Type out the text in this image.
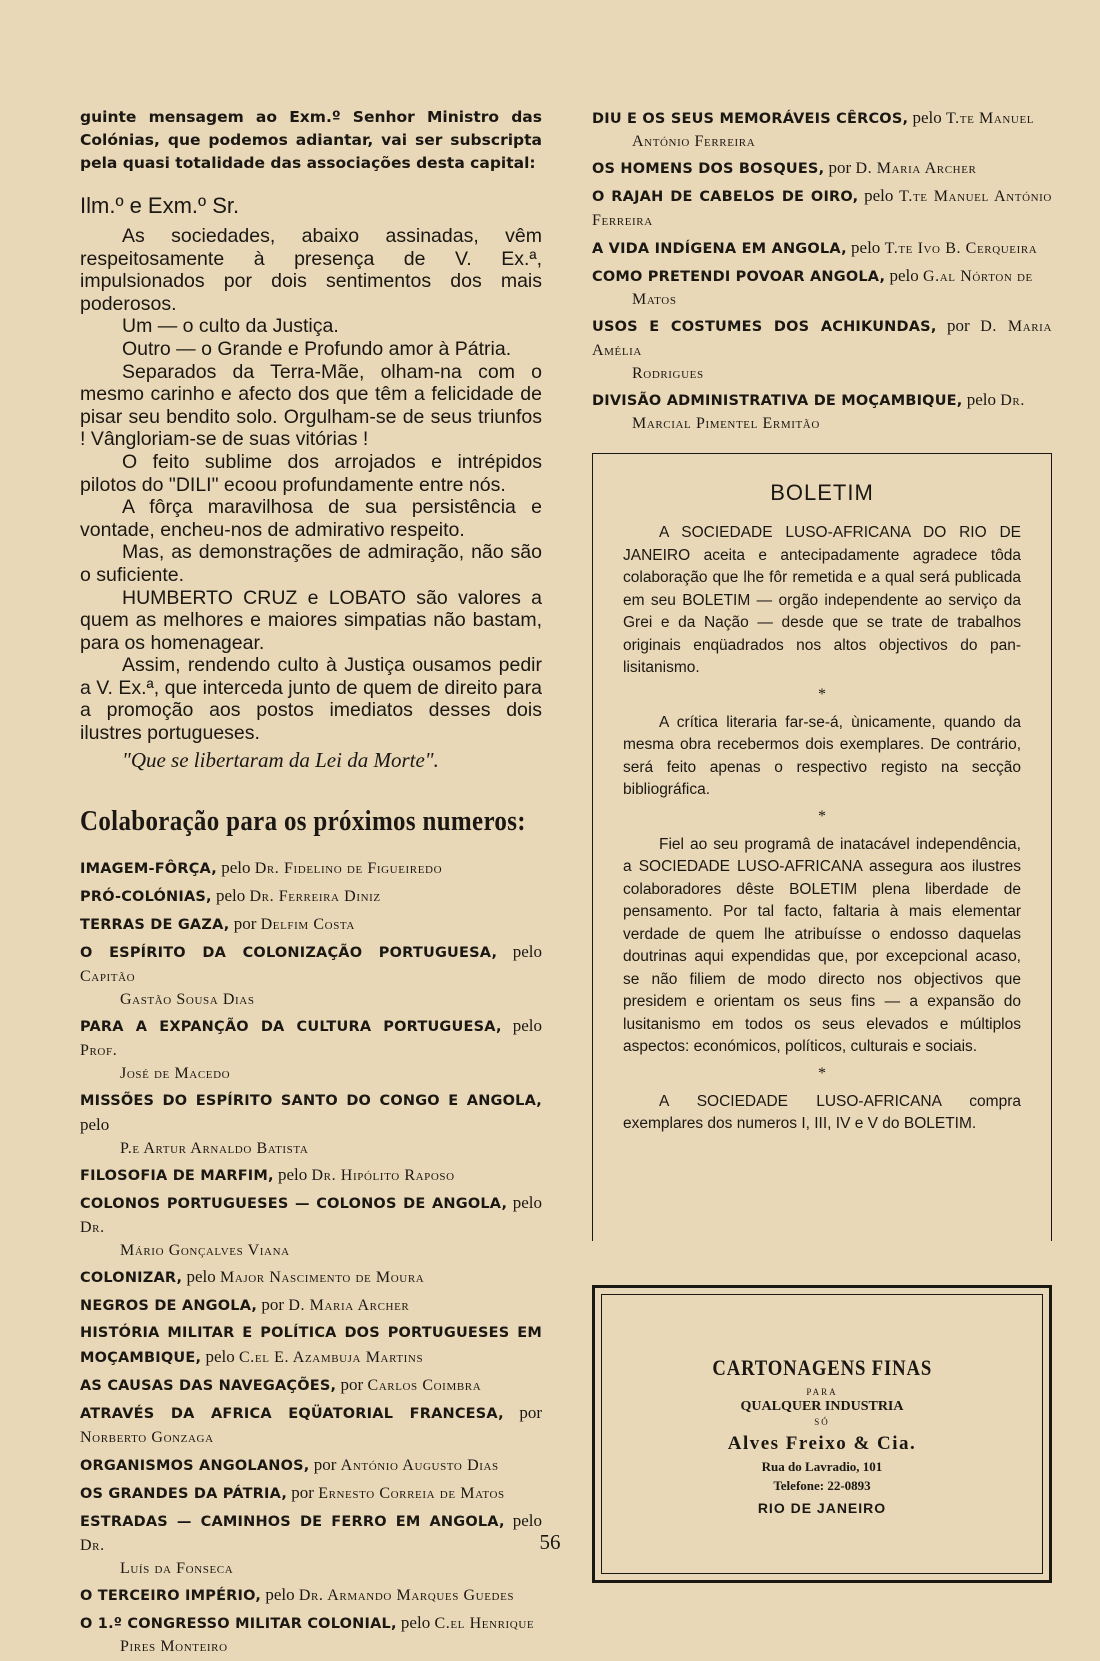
guinte mensagem ao Exm.º Senhor Ministro das Colónias, que podemos adiantar, vai ser subscripta pela quasi totalidade das associações desta capital:

Ilm.º e Exm.º Sr.

As sociedades, abaixo assinadas, vêm respeitosamente à presença de V. Ex.ª, impulsionados por dois sentimentos dos mais poderosos.

Um — o culto da Justiça.

Outro — o Grande e Profundo amor à Pátria.

Separados da Terra-Mãe, olham-na com o mesmo carinho e afecto dos que têm a felicidade de pisar seu bendito solo. Orgulham-se de seus triunfos ! Vângloriam-se de suas vitórias !

O feito sublime dos arrojados e intrépidos pilotos do "DILI" ecoou profundamente entre nós.

A fôrça maravilhosa de sua persistência e vontade, encheu-nos de admirativo respeito.

Mas, as demonstrações de admiração, não são o suficiente.

HUMBERTO CRUZ e LOBATO são valores a quem as melhores e maiores simpatias não bastam, para os homenagear.

Assim, rendendo culto à Justiça ousamos pedir a V. Ex.ª, que interceda junto de quem de direito para a promoção aos postos imediatos desses dois ilustres portugueses.

"Que se libertaram da Lei da Morte".

Colaboração para os próximos numeros:
IMAGEM-FÔRÇA, pelo Dr. Fidelino de Figueiredo
PRÓ-COLÓNIAS, pelo Dr. Ferreira Diniz
TERRAS DE GAZA, por Delfim Costa
O ESPÍRITO DA COLONIZAÇÃO PORTUGUESA, pelo Capitão
Gastão Sousa Dias
PARA A EXPANÇÃO DA CULTURA PORTUGUESA, pelo Prof.
José de Macedo
MISSÕES DO ESPÍRITO SANTO DO CONGO E ANGOLA, pelo
P.e Artur Arnaldo Batista
FILOSOFIA DE MARFIM, pelo Dr. Hipólito Raposo
COLONOS PORTUGUESES — COLONOS DE ANGOLA, pelo Dr.
Mário Gonçalves Viana
COLONIZAR, pelo Major Nascimento de Moura
NEGROS DE ANGOLA, por D. Maria Archer
HISTÓRIA MILITAR E POLÍTICA DOS PORTUGUESES EM MOÇAMBIQUE, pelo C.el E. Azambuja Martins
AS CAUSAS DAS NAVEGAÇÕES, por Carlos Coimbra
ATRAVÉS DA AFRICA EQÜATORIAL FRANCESA, por Norberto Gonzaga
ORGANISMOS ANGOLANOS, por António Augusto Dias
OS GRANDES DA PÁTRIA, por Ernesto Correia de Matos
ESTRADAS — CAMINHOS DE FERRO EM ANGOLA, pelo Dr.
Luís da Fonseca
O TERCEIRO IMPÉRIO, pelo Dr. Armando Marques Guedes
O 1.º CONGRESSO MILITAR COLONIAL, pelo C.el Henrique
Pires Monteiro
DIU E OS SEUS MEMORÁVEIS CÊRCOS, pelo T.te Manuel
António Ferreira
OS HOMENS DOS BOSQUES, por D. Maria Archer
O RAJAH DE CABELOS DE OIRO, pelo T.te Manuel António Ferreira
A VIDA INDÍGENA EM ANGOLA, pelo T.te Ivo B. Cerqueira
COMO PRETENDI POVOAR ANGOLA, pelo G.al Nórton de
Matos
USOS E COSTUMES DOS ACHIKUNDAS, por D. Maria Amélia
Rodrigues
DIVISÃO ADMINISTRATIVA DE MOÇAMBIQUE, pelo Dr.
Marcial Pimentel Ermitão
BOLETIM

A SOCIEDADE LUSO-AFRICANA DO RIO DE JANEIRO aceita e antecipadamente agradece tôda colaboração que lhe fôr remetida e a qual será publicada em seu BOLETIM — orgão independente ao serviço da Grei e da Nação — desde que se trate de trabalhos originais enqüadrados nos altos objectivos do pan-lisitanismo.

*

A crítica literaria far-se-á, ùnicamente, quando da mesma obra recebermos dois exemplares. De contrário, será feito apenas o respectivo registo na secção bibliográfica.

*

Fiel ao seu programâ de inatacável independência, a SOCIEDADE LUSO-AFRICANA assegura aos ilustres colaboradores dêste BOLETIM plena liberdade de pensamento. Por tal facto, faltaria à mais elementar verdade de quem lhe atribuísse o endosso daquelas doutrinas aqui expendidas que, por excepcional acaso, se não filiem de modo directo nos objectivos que presidem e orientam os seus fins — a expansão do lusitanismo em todos os seus elevados e múltiplos aspectos: económicos, políticos, culturais e sociais.

*

A SOCIEDADE LUSO-AFRICANA compra exemplares dos numeros I, III, IV e V do BOLETIM.

CARTONAGENS FINAS
PARA
QUALQUER INDUSTRIA
SÓ
Alves Freixo & Cia.
Rua do Lavradio, 101
Telefone: 22-0893
RIO DE JANEIRO
56
